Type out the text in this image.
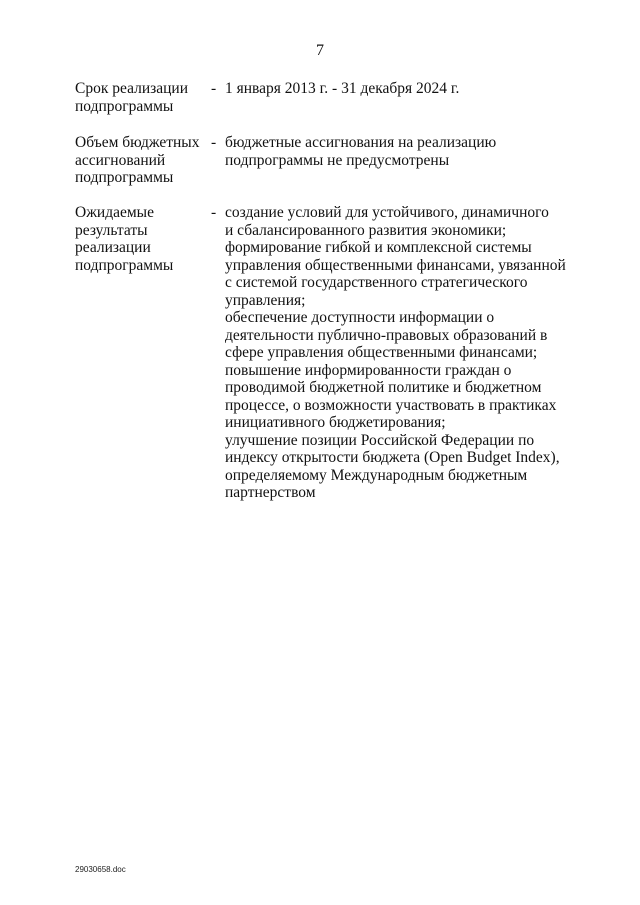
7
Срок реализации
подпрограммы
- 1 января 2013 г. - 31 декабря 2024 г.
Объем бюджетных
ассигнований
подпрограммы
- бюджетные ассигнования на реализацию
подпрограммы не предусмотрены
Ожидаемые
результаты
реализации
подпрограммы
- создание условий для устойчивого, динамичного
и сбалансированного развития экономики;
формирование гибкой и комплексной системы
управления общественными финансами, увязанной
с системой государственного стратегического
управления;
обеспечение доступности информации о
деятельности публично-правовых образований в
сфере управления общественными финансами;
повышение информированности граждан о
проводимой бюджетной политике и бюджетном
процессе, о возможности участвовать в практиках
инициативного бюджетирования;
улучшение позиции Российской Федерации по
индексу открытости бюджета (Open Budget Index),
определяемому Международным бюджетным
партнерством
29030658.doc
